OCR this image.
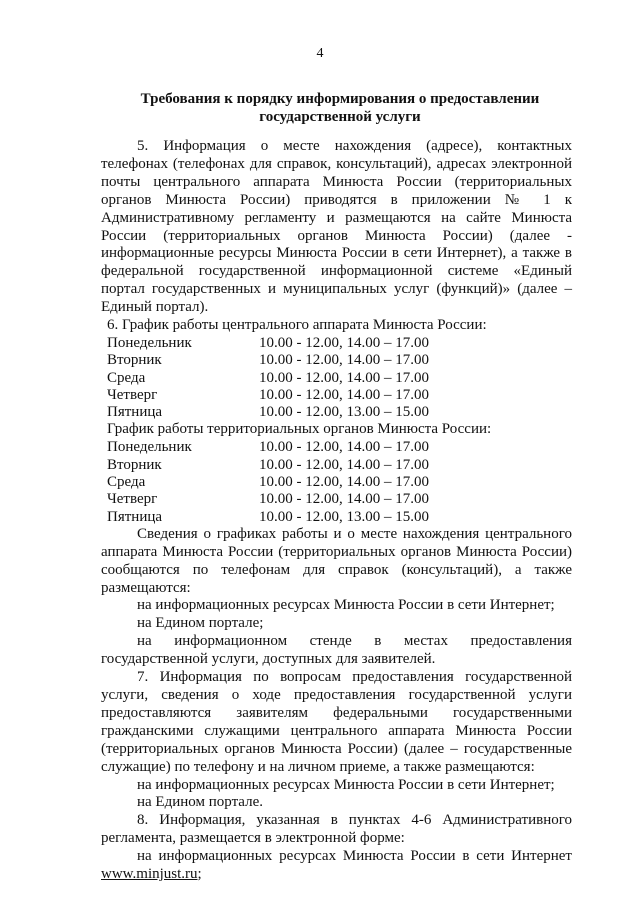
4
Требования к порядку информирования о предоставлении
государственной услуги

5. Информация о месте нахождения (адресе), контактных телефонах (телефонах для справок, консультаций), адресах электронной почты центрального аппарата Минюста России (территориальных органов Минюста России) приводятся в приложении № 1 к Административному регламенту и размещаются на сайте Минюста России (территориальных органов Минюста России) (далее - информационные ресурсы Минюста России в сети Интернет), а также в федеральной государственной информационной системе «Единый портал государственных и муниципальных услуг (функций)» (далее – Единый портал).

6. График работы центрального аппарата Минюста России:

Понедельник	10.00 - 12.00, 14.00 – 17.00
Вторник	10.00 - 12.00, 14.00 – 17.00
Среда	10.00 - 12.00, 14.00 – 17.00
Четверг	10.00 - 12.00, 14.00 – 17.00
Пятница	10.00 - 12.00, 13.00 – 15.00

График работы территориальных органов Минюста России:

Понедельник	10.00 - 12.00, 14.00 – 17.00
Вторник	10.00 - 12.00, 14.00 – 17.00
Среда	10.00 - 12.00, 14.00 – 17.00
Четверг	10.00 - 12.00, 14.00 – 17.00
Пятница	10.00 - 12.00, 13.00 – 15.00

Сведения о графиках работы и о месте нахождения центрального аппарата Минюста России (территориальных органов Минюста России) сообщаются по телефонам для справок (консультаций), а также размещаются:

на информационных ресурсах Минюста России в сети Интернет;

на Едином портале;

на информационном стенде в местах предоставления государственной услуги, доступных для заявителей.

7. Информация по вопросам предоставления государственной услуги, сведения о ходе предоставления государственной услуги предоставляются заявителям федеральными государственными гражданскими служащими центрального аппарата Минюста России (территориальных органов Минюста России) (далее – государственные служащие) по телефону и на личном приеме, а также размещаются:

на информационных ресурсах Минюста России в сети Интернет;

на Едином портале.

8. Информация, указанная в пунктах 4-6 Административного регламента, размещается в электронной форме:

на информационных ресурсах Минюста России в сети Интернет www.minjust.ru;
